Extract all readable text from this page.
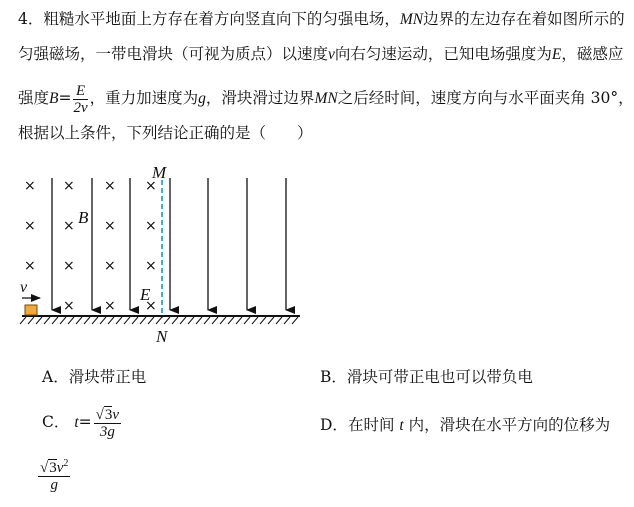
4．粗糙水平地面上方存在着方向竖直向下的匀强电场，MN边界的左边存在着如图所示的
匀强磁场，一带电滑块（可视为质点）以速度v向右匀速运动，已知电场强度为E，磁感应
强度$B= \frac{E}{2v}$ ，重力加速度为g，滑块滑过边界MN之后经时间，速度方向与水平面夹角 30°，
根据以上条件，下列结论正确的是（　　）
× × × ×
× × × ×
× × × ×
× × ×
M
N
B
E
v
A．滑块带正电	B．滑块可带正电也可以带负电
C． $t= \frac{√3v}{3g}$	D．在时间 t 内，滑块在水平方向的位移为
$\frac{√3v^2}{g}$
